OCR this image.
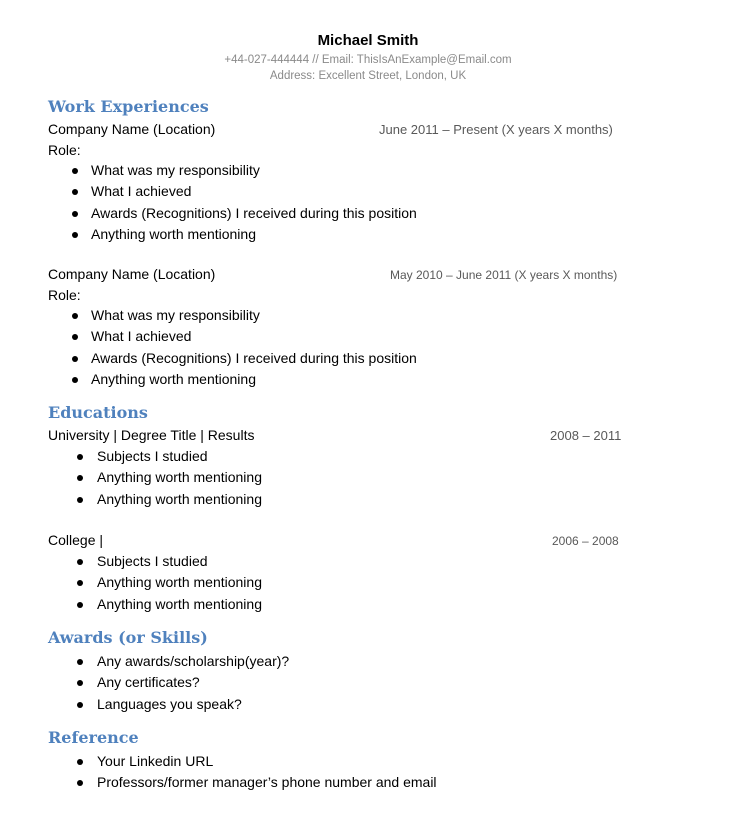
Michael Smith
+44-027-444444 // Email: ThisIsAnExample@Email.com
Address: Excellent Street, London, UK
Work Experiences
Company Name (Location)	June 2011 – Present (X years X months)
Role:
What was my responsibility
What I achieved
Awards (Recognitions) I received during this position
Anything worth mentioning
Company Name (Location)	May 2010 – June 2011 (X years X months)
Role:
What was my responsibility
What I achieved
Awards (Recognitions) I received during this position
Anything worth mentioning
Educations
University | Degree Title | Results	2008 – 2011
Subjects I studied
Anything worth mentioning
Anything worth mentioning
College |	2006 – 2008
Subjects I studied
Anything worth mentioning
Anything worth mentioning
Awards (or Skills)
Any awards/scholarship(year)?
Any certificates?
Languages you speak?
Reference
Your Linkedin URL
Professors/former manager’s phone number and email
